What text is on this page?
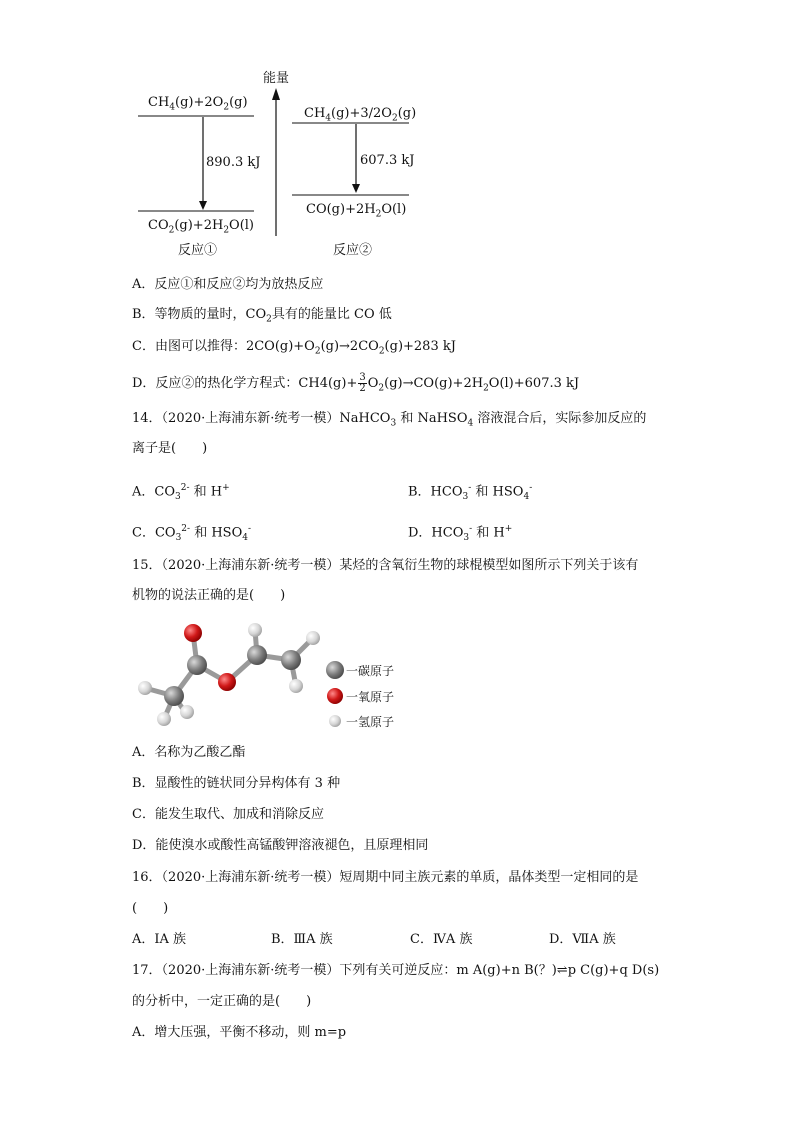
能量
$CH_4(g)+2O_2(g)$
890.3 kJ
$CO_2(g)+2H_2O(l)$
反应①
$CH_4(g)+3/2O_2(g)$
607.3 kJ
$CO(g)+2H_2O(l)$
反应②
A．反应①和反应②均为放热反应
B．等物质的量时，$CO_2$具有的能量比 CO 低
C．由图可以推得：$2CO(g)+O_2(g)\to 2CO_2(g)+283$ kJ
D．反应②的热化学方程式：$CH4(g)+ \frac{3}{2} O_2(g)\to CO(g)+2H_2O(l)+607.3$ kJ
14．（2020·上海浦东新·统考一模）NaHCO$_3$ 和 NaHSO$_4$ 溶液混合后，实际参加反应的
离子是(　　)
A．$CO_3^{2-}$ 和 H+	B．$HCO_3^-$ 和 $HSO_4^-$
C．$CO_3^{2-}$ 和 $HSO_4^-$	D．$HCO_3^-$ 和 H+
15．（2020·上海浦东新·统考一模）某烃的含氧衍生物的球棍模型如图所示下列关于该有
机物的说法正确的是(　　)
一碳原子
一氧原子
一氢原子
A．名称为乙酸乙酯
B．显酸性的链状同分异构体有 3 种
C．能发生取代、加成和消除反应
D．能使溴水或酸性高锰酸钾溶液褪色，且原理相同
16．（2020·上海浦东新·统考一模）短周期中同主族元素的单质，晶体类型一定相同的是
(　　)
A．ⅠA 族	B．ⅢA 族	C．ⅣA 族	D．ⅦA 族
17．（2020·上海浦东新·统考一模）下列有关可逆反应：m A(g)+n B(？)⇌p C(g)+q D(s)
的分析中，一定正确的是(　　)
A．增大压强，平衡不移动，则 m=p
